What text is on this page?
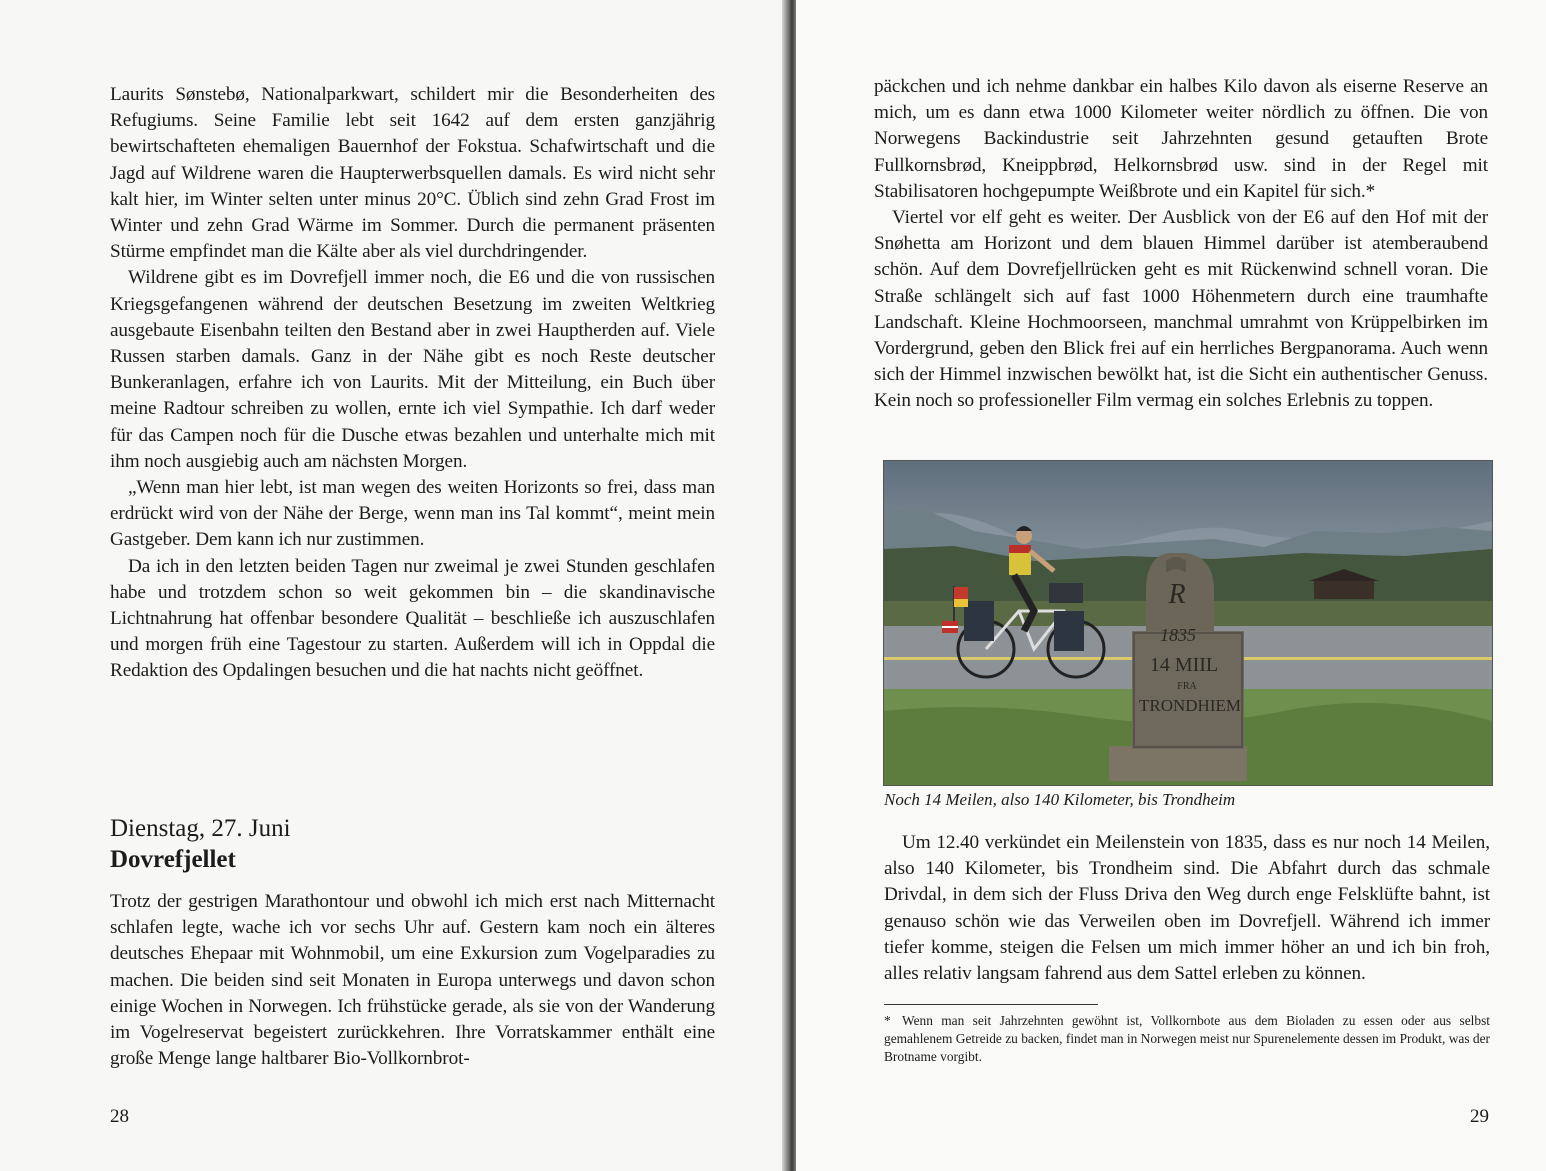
Laurits Sønstebø, Nationalparkwart, schildert mir die Besonderheiten des Refugiums. Seine Familie lebt seit 1642 auf dem ersten ganzjährig bewirtschafteten ehemaligen Bauernhof der Fokstua. Schafwirtschaft und die Jagd auf Wildrene waren die Haupterwerbsquellen damals. Es wird nicht sehr kalt hier, im Winter selten unter minus 20°C. Üblich sind zehn Grad Frost im Winter und zehn Grad Wärme im Sommer. Durch die permanent präsenten Stürme empfindet man die Kälte aber als viel durchdringender.

Wildrene gibt es im Dovrefjell immer noch, die E6 und die von russischen Kriegsgefangenen während der deutschen Besetzung im zweiten Weltkrieg ausgebaute Eisenbahn teilten den Bestand aber in zwei Hauptherden auf. Viele Russen starben damals. Ganz in der Nähe gibt es noch Reste deutscher Bunkeranlagen, erfahre ich von Laurits. Mit der Mitteilung, ein Buch über meine Radtour schreiben zu wollen, ernte ich viel Sympathie. Ich darf weder für das Campen noch für die Dusche etwas bezahlen und unterhalte mich mit ihm noch ausgiebig auch am nächsten Morgen.

„Wenn man hier lebt, ist man wegen des weiten Horizonts so frei, dass man erdrückt wird von der Nähe der Berge, wenn man ins Tal kommt“, meint mein Gastgeber. Dem kann ich nur zustimmen.

Da ich in den letzten beiden Tagen nur zweimal je zwei Stunden geschlafen habe und trotzdem schon so weit gekommen bin – die skandinavische Lichtnahrung hat offenbar besondere Qualität – beschließe ich auszuschlafen und morgen früh eine Tagestour zu starten. Außerdem will ich in Oppdal die Redaktion des Opdalingen besuchen und die hat nachts nicht geöffnet.

Dienstag, 27. Juni
Dovrefjellet

Trotz der gestrigen Marathontour und obwohl ich mich erst nach Mitternacht schlafen legte, wache ich vor sechs Uhr auf. Gestern kam noch ein älteres deutsches Ehepaar mit Wohnmobil, um eine Exkursion zum Vogelparadies zu machen. Die beiden sind seit Monaten in Europa unterwegs und davon schon einige Wochen in Norwegen. Ich frühstücke gerade, als sie von der Wanderung im Vogelreservat begeistert zurückkehren. Ihre Vorratskammer enthält eine große Menge lange haltbarer Bio-Vollkornbrot-

28

päckchen und ich nehme dankbar ein halbes Kilo davon als eiserne Reserve an mich, um es dann etwa 1000 Kilometer weiter nördlich zu öffnen. Die von Norwegens Backindustrie seit Jahrzehnten gesund getauften Brote Fullkornsbrød, Kneippbrød, Helkornsbrød usw. sind in der Regel mit Stabilisatoren hochgepumpte Weißbrote und ein Kapitel für sich.*

Viertel vor elf geht es weiter. Der Ausblick von der E6 auf den Hof mit der Snøhetta am Horizont und dem blauen Himmel darüber ist atemberaubend schön. Auf dem Dovrefjellrücken geht es mit Rückenwind schnell voran. Die Straße schlängelt sich auf fast 1000 Höhenmetern durch eine traumhafte Landschaft. Kleine Hochmoorseen, manchmal umrahmt von Krüppelbirken im Vordergrund, geben den Blick frei auf ein herrliches Bergpanorama. Auch wenn sich der Himmel inzwischen bewölkt hat, ist die Sicht ein authentischer Genuss. Kein noch so professioneller Film vermag ein solches Erlebnis zu toppen.

R
1835
14 MIIL
FRA
TRONDHIEM
Noch 14 Meilen, also 140 Kilometer, bis Trondheim

Um 12.40 verkündet ein Meilenstein von 1835, dass es nur noch 14 Meilen, also 140 Kilometer, bis Trondheim sind. Die Abfahrt durch das schmale Drivdal, in dem sich der Fluss Driva den Weg durch enge Felsklüfte bahnt, ist genauso schön wie das Verweilen oben im Dovrefjell. Während ich immer tiefer komme, steigen die Felsen um mich immer höher an und ich bin froh, alles relativ langsam fahrend aus dem Sattel erleben zu können.

* Wenn man seit Jahrzehnten gewöhnt ist, Vollkornbote aus dem Bioladen zu essen oder aus selbst gemahlenem Getreide zu backen, findet man in Norwegen meist nur Spurenelemente dessen im Produkt, was der Brotname vorgibt.
29
